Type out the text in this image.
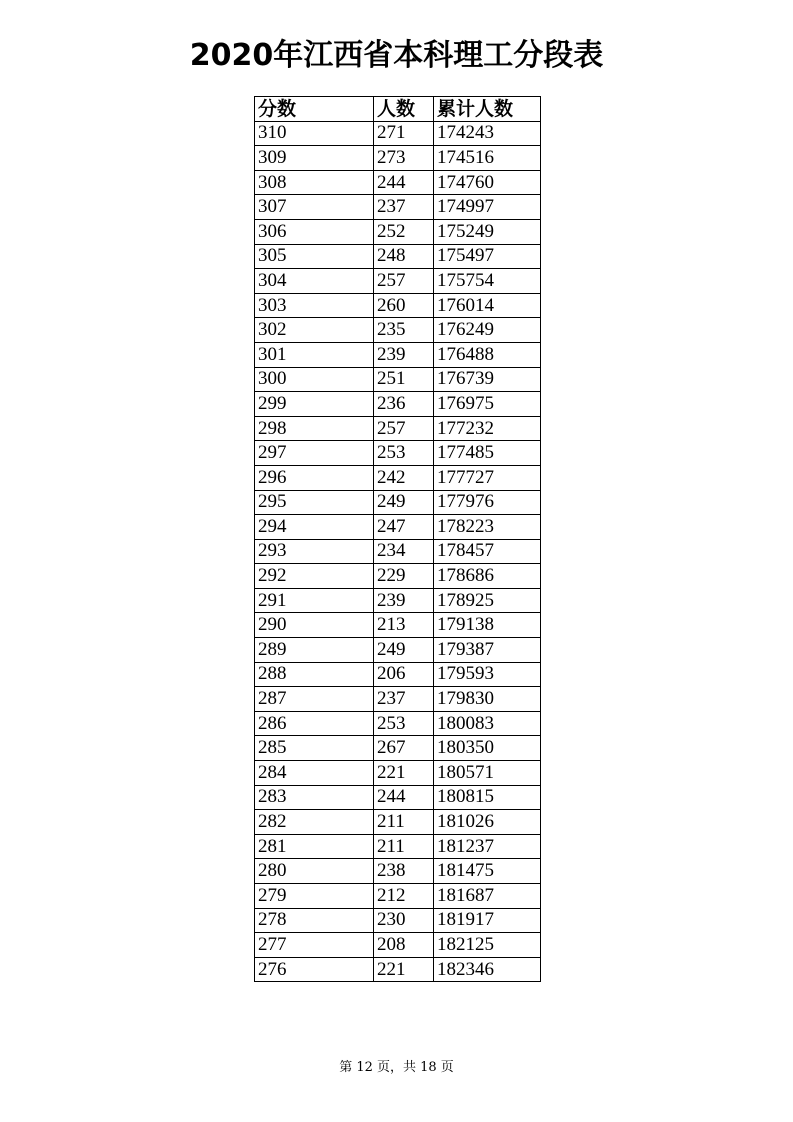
2020年江西省本科理工分段表
分数	人数	累计人数
310	271	174243
309	273	174516
308	244	174760
307	237	174997
306	252	175249
305	248	175497
304	257	175754
303	260	176014
302	235	176249
301	239	176488
300	251	176739
299	236	176975
298	257	177232
297	253	177485
296	242	177727
295	249	177976
294	247	178223
293	234	178457
292	229	178686
291	239	178925
290	213	179138
289	249	179387
288	206	179593
287	237	179830
286	253	180083
285	267	180350
284	221	180571
283	244	180815
282	211	181026
281	211	181237
280	238	181475
279	212	181687
278	230	181917
277	208	182125
276	221	182346
第 12 页，共 18 页
